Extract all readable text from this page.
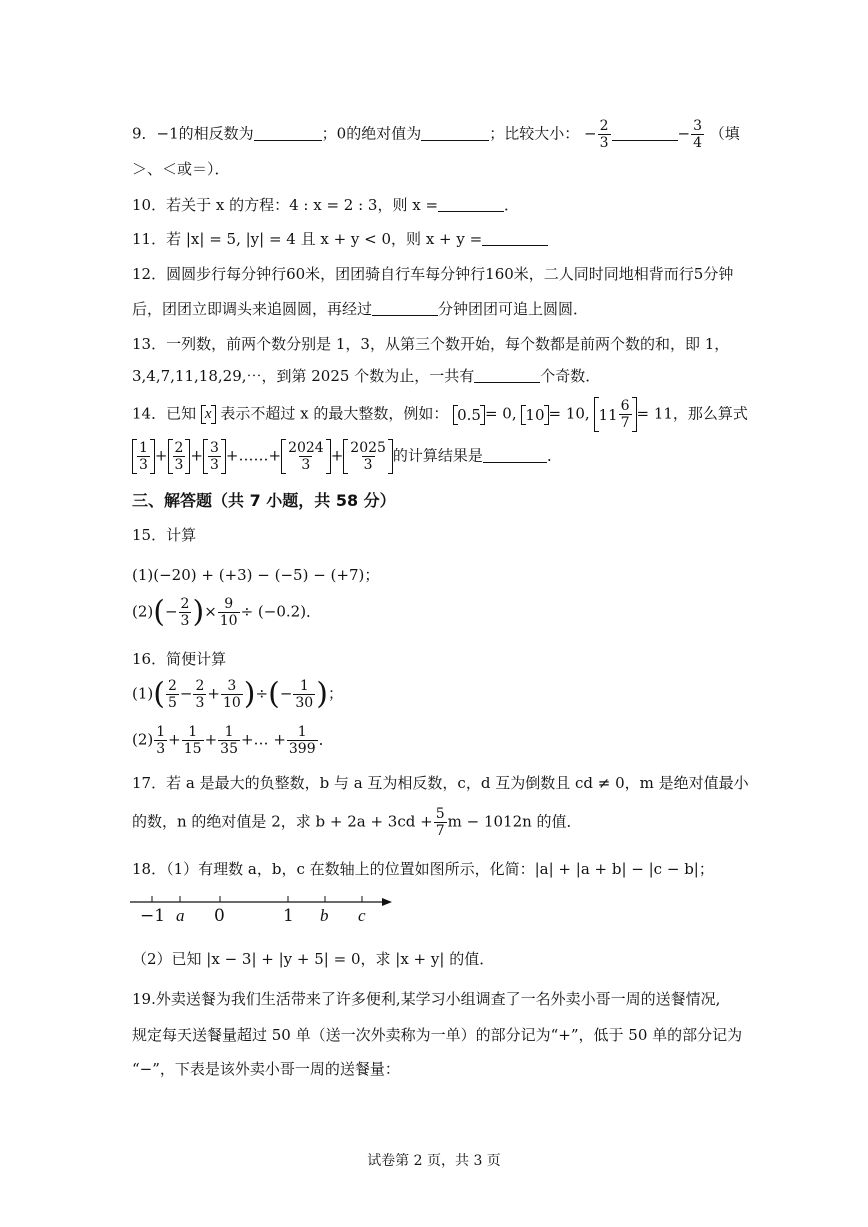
9．−1的相反数为	；0的绝对值为	；比较大小： − $\frac{2}{3}$	− $\frac{3}{4}$ （填
＞、＜或＝）．
10．若关于 x 的方程：4 : x = 2 : 3，则 x =	．
11．若 |x| = 5, |y| = 4 且 x + y < 0，则 x + y =
12．圆圆步行每分钟行60米，团团骑自行车每分钟行160米，二人同时同地相背而行5分钟
后，团团立即调头来追圆圆，再经过	分钟团团可追上圆圆．
13．一列数，前两个数分别是 1，3，从第三个数开始，每个数都是前两个数的和，即 1，
3,4,7,11,18,29,⋯，到第 2025 个数为止，一共有	个奇数．
14．已知 x 表示不超过 x 的最大整数，例如： 0.5 = 0, 10 = 10, $11 \frac{6}{7} = 11$，那么算式
$\frac{1}{3} + \frac{2}{3} + \frac{3}{3}$ +……+ $\frac{2024}{3} + \frac{2025}{3}$ 的计算结果是	．
三、解答题（共 7 小题，共 58 分）
15．计算
(1)(−20) + (+3) − (−5) − (+7)；
$(2)(- \frac{2}{3}$ )× $\frac{9}{10} \div (-0.2)$．
16．简便计算
$(1)( \frac{2}{5} - \frac{2}{3} + \frac{3}{10}$ )÷(− $\frac{1}{30}$ )；
$(2) \frac{1}{3} + \frac{1}{15} + \frac{1}{35}$ +… + $\frac{1}{399}$ ．
17．若 a 是最大的负整数，b 与 a 互为相反数，c，d 互为倒数且 cd ≠ 0，m 是绝对值最小
的数，n 的绝对值是 2，求 $b + 2a + 3cd + \frac{5}{7}$ m − 1012n 的值．
18．（1）有理数 a，b，c 在数轴上的位置如图所示，化简：|a| + |a + b| − |c − b|；
−1 a 0	1 b c
（2）已知 |x − 3| + |y + 5| = 0，求 |x + y| 的值．
19.外卖送餐为我们生活带来了许多便利,某学习小组调查了一名外卖小哥一周的送餐情况,
规定每天送餐量超过 50 单（送一次外卖称为一单）的部分记为“+”，低于 50 单的部分记为
“−”，下表是该外卖小哥一周的送餐量：
试卷第 2 页，共 3 页
